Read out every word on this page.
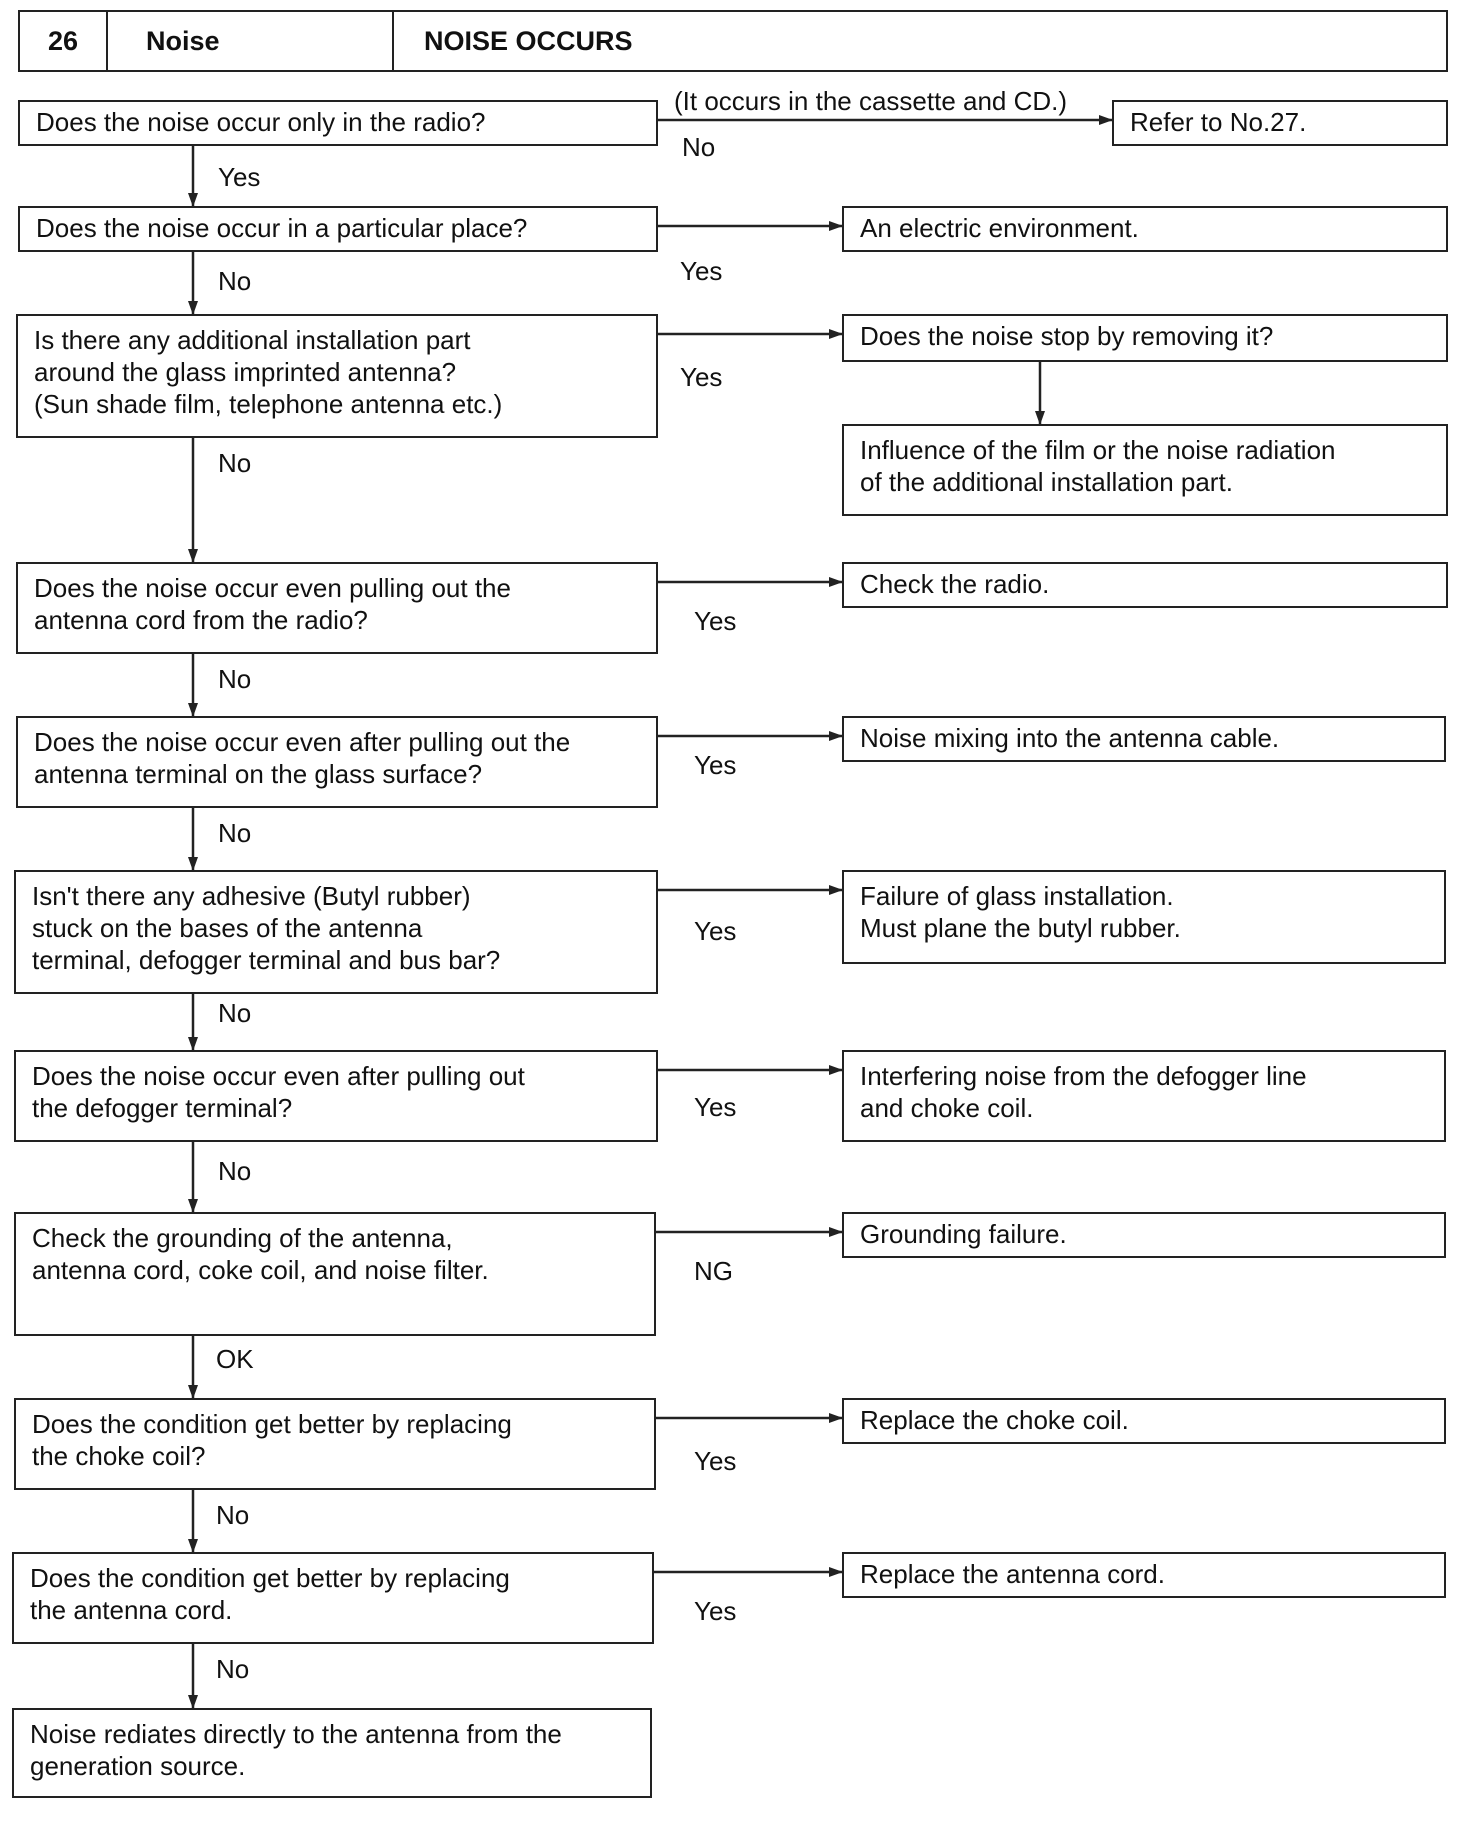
26	Noise	NOISE OCCURS
Does the noise occur only in the radio?	Refer to No.27.
Does the noise occur in a particular place?	An electric environment.
Is there any additional installation part
around the glass imprinted antenna?
(Sun shade film, telephone antenna etc.)
Does the noise stop by removing it?
Influence of the film or the noise radiation
of the additional installation part.
Does the noise occur even pulling out the
antenna cord from the radio?
Check the radio.
Does the noise occur even after pulling out the
antenna terminal on the glass surface?
Noise mixing into the antenna cable.
Isn't there any adhesive (Butyl rubber)
stuck on the bases of the antenna
terminal, defogger terminal and bus bar?
Failure of glass installation.
Must plane the butyl rubber.
Does the noise occur even after pulling out
the defogger terminal?
Interfering noise from the defogger line
and choke coil.
Check the grounding of the antenna,
antenna cord, coke coil, and noise filter.
Grounding failure.
Does the condition get better by replacing
the choke coil?
Replace the choke coil.
Does the condition get better by replacing
the antenna cord.
Replace the antenna cord.
Noise rediates directly to the antenna from the
generation source.
No
(It occurs in the cassette and CD.)
Yes
Yes
No
Yes
No
Yes
No
Yes
No
Yes
No
Yes
No
NG
OK
Yes
No
Yes
No
